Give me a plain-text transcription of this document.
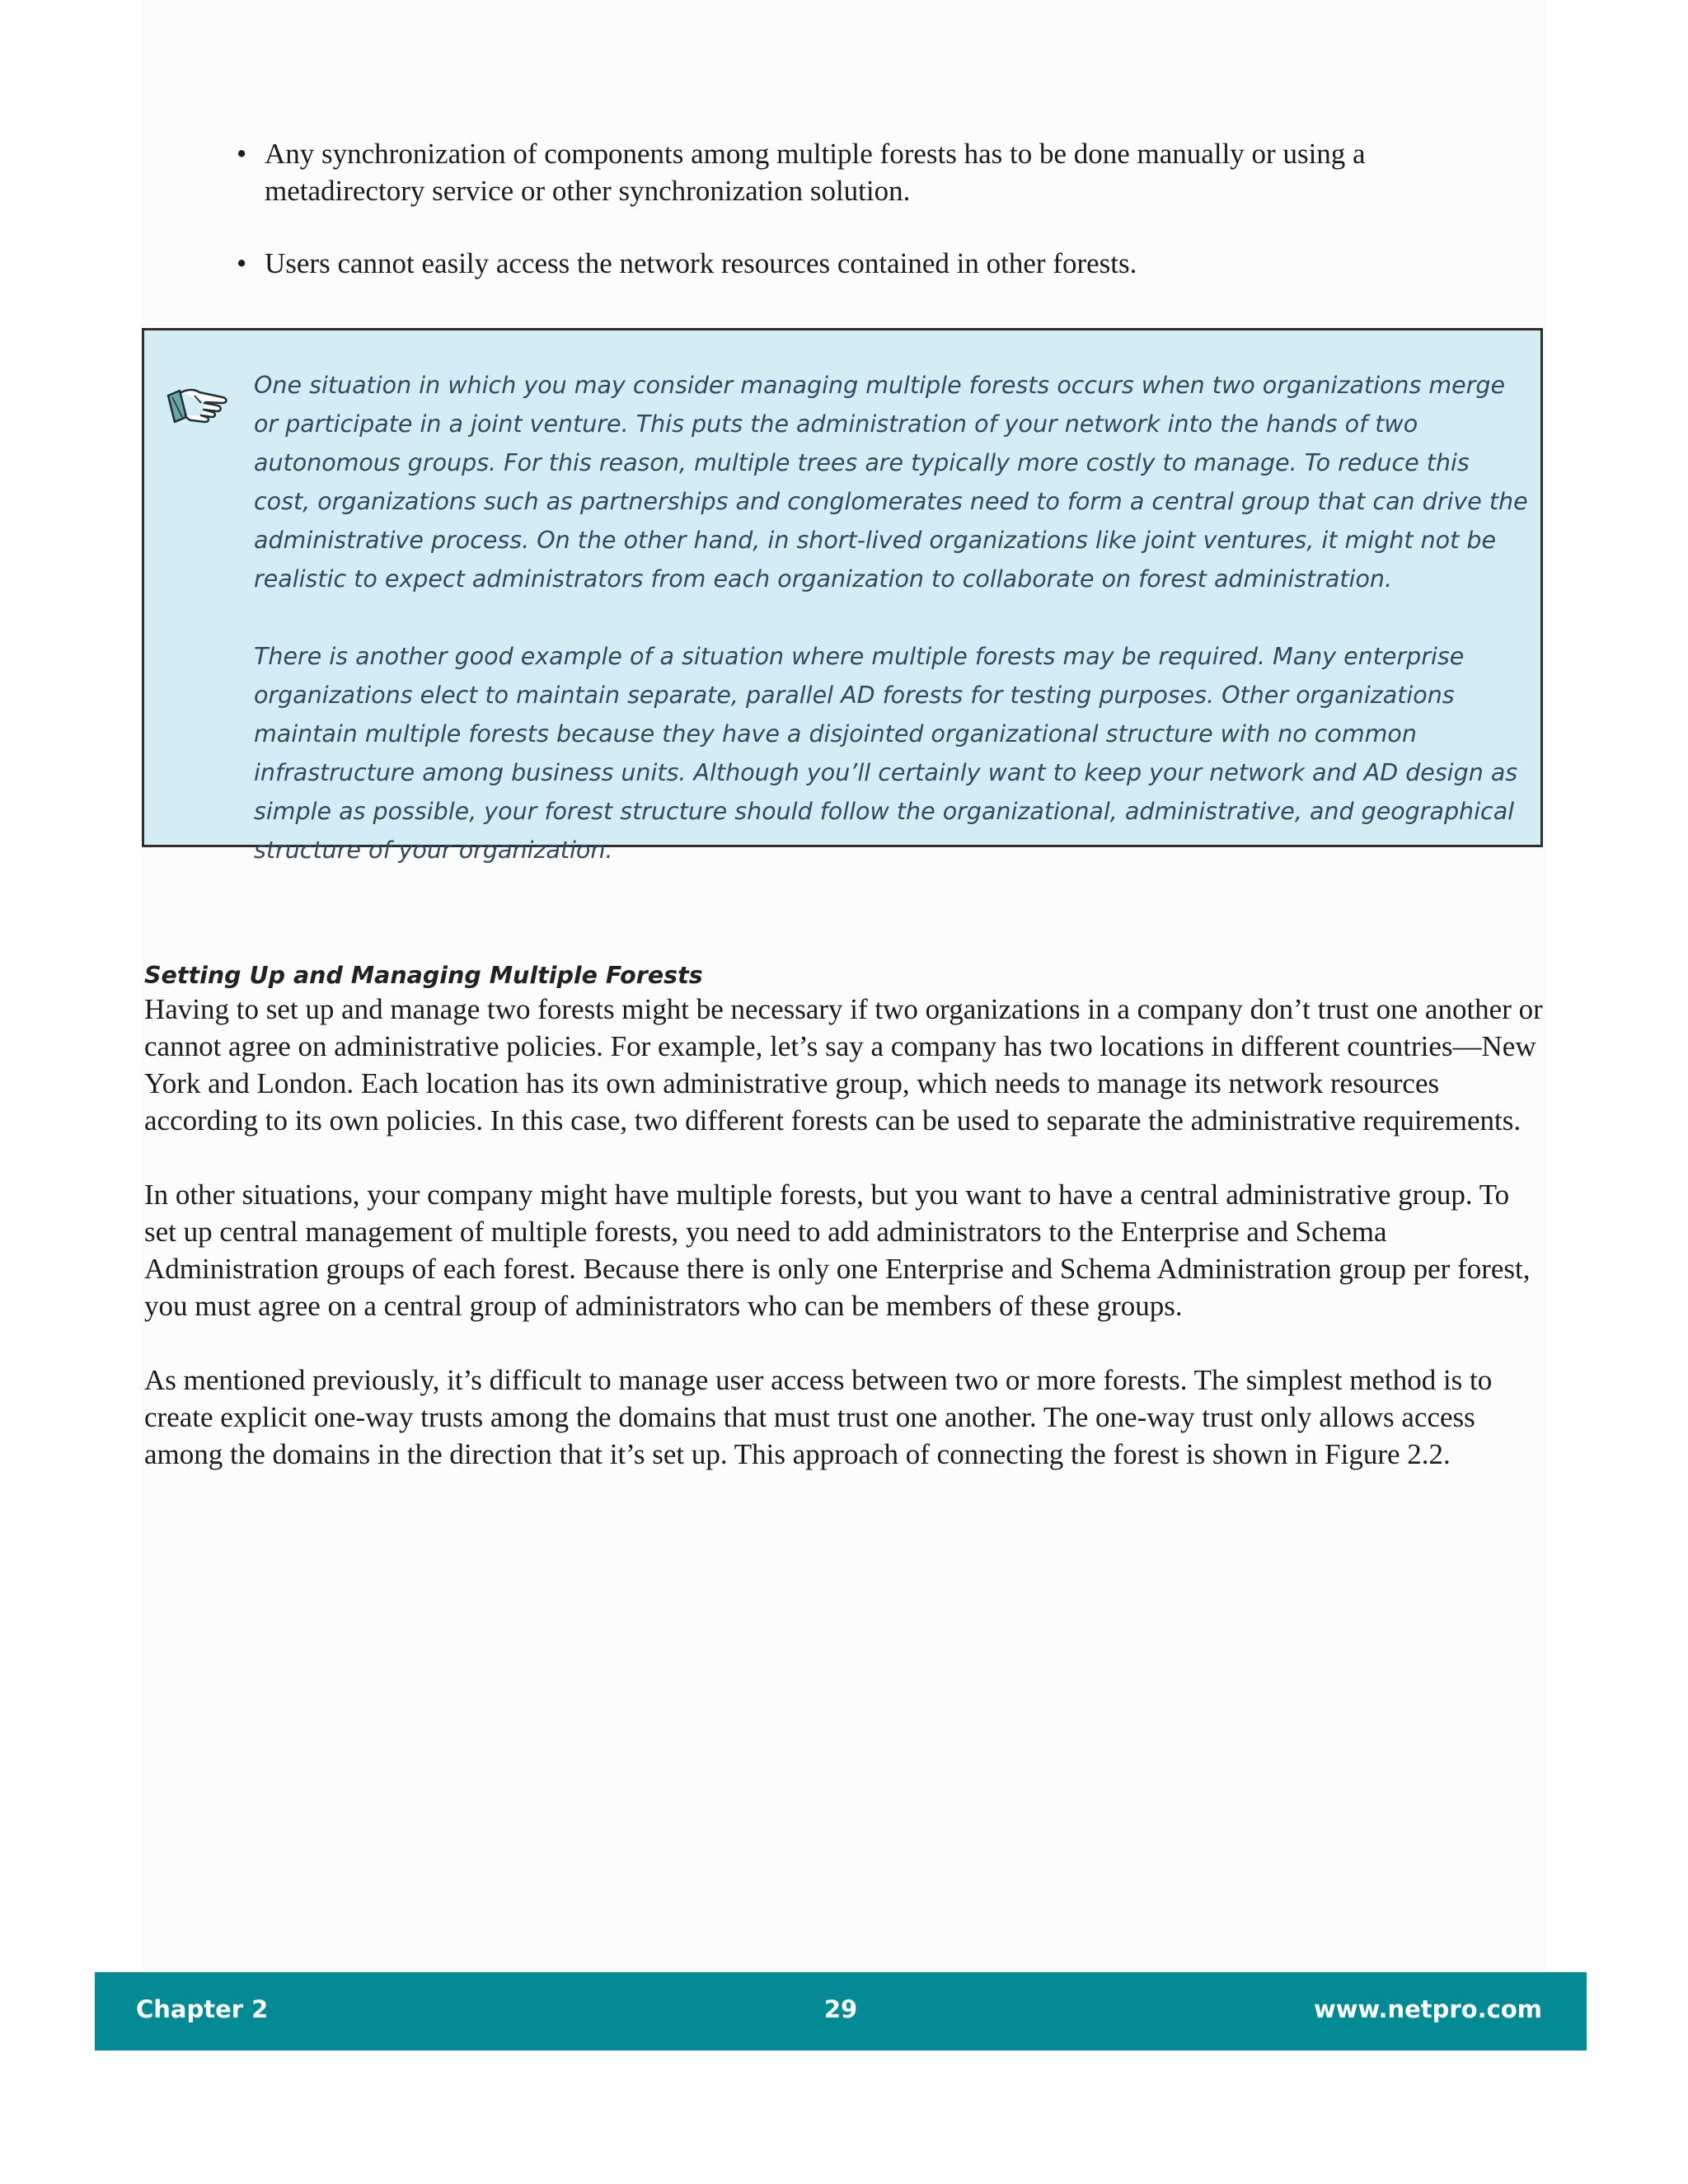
• Any synchronization of components among multiple forests has to be done manually or using a metadirectory service or other synchronization solution.
• Users cannot easily access the network resources contained in other forests.

One situation in which you may consider managing multiple forests occurs when two organizations merge or participate in a joint venture. This puts the administration of your network into the hands of two autonomous groups. For this reason, multiple trees are typically more costly to manage. To reduce this cost, organizations such as partnerships and conglomerates need to form a central group that can drive the administrative process. On the other hand, in short-lived organizations like joint ventures, it might not be realistic to expect administrators from each organization to collaborate on forest administration.

There is another good example of a situation where multiple forests may be required. Many enterprise organizations elect to maintain separate, parallel AD forests for testing purposes. Other organizations maintain multiple forests because they have a disjointed organizational structure with no common infrastructure among business units. Although you’ll certainly want to keep your network and AD design as simple as possible, your forest structure should follow the organizational, administrative, and geographical structure of your organization.

Setting Up and Managing Multiple Forests

Having to set up and manage two forests might be necessary if two organizations in a company don’t trust one another or cannot agree on administrative policies. For example, let’s say a company has two locations in different countries—New York and London. Each location has its own administrative group, which needs to manage its network resources according to its own policies. In this case, two different forests can be used to separate the administrative requirements.

In other situations, your company might have multiple forests, but you want to have a central administrative group. To set up central management of multiple forests, you need to add administrators to the Enterprise and Schema Administration groups of each forest. Because there is only one Enterprise and Schema Administration group per forest, you must agree on a central group of administrators who can be members of these groups.

As mentioned previously, it’s difficult to manage user access between two or more forests. The simplest method is to create explicit one-way trusts among the domains that must trust one another. The one-way trust only allows access among the domains in the direction that it’s set up. This approach of connecting the forest is shown in Figure 2.2.

Chapter 2	29	www.netpro.com
